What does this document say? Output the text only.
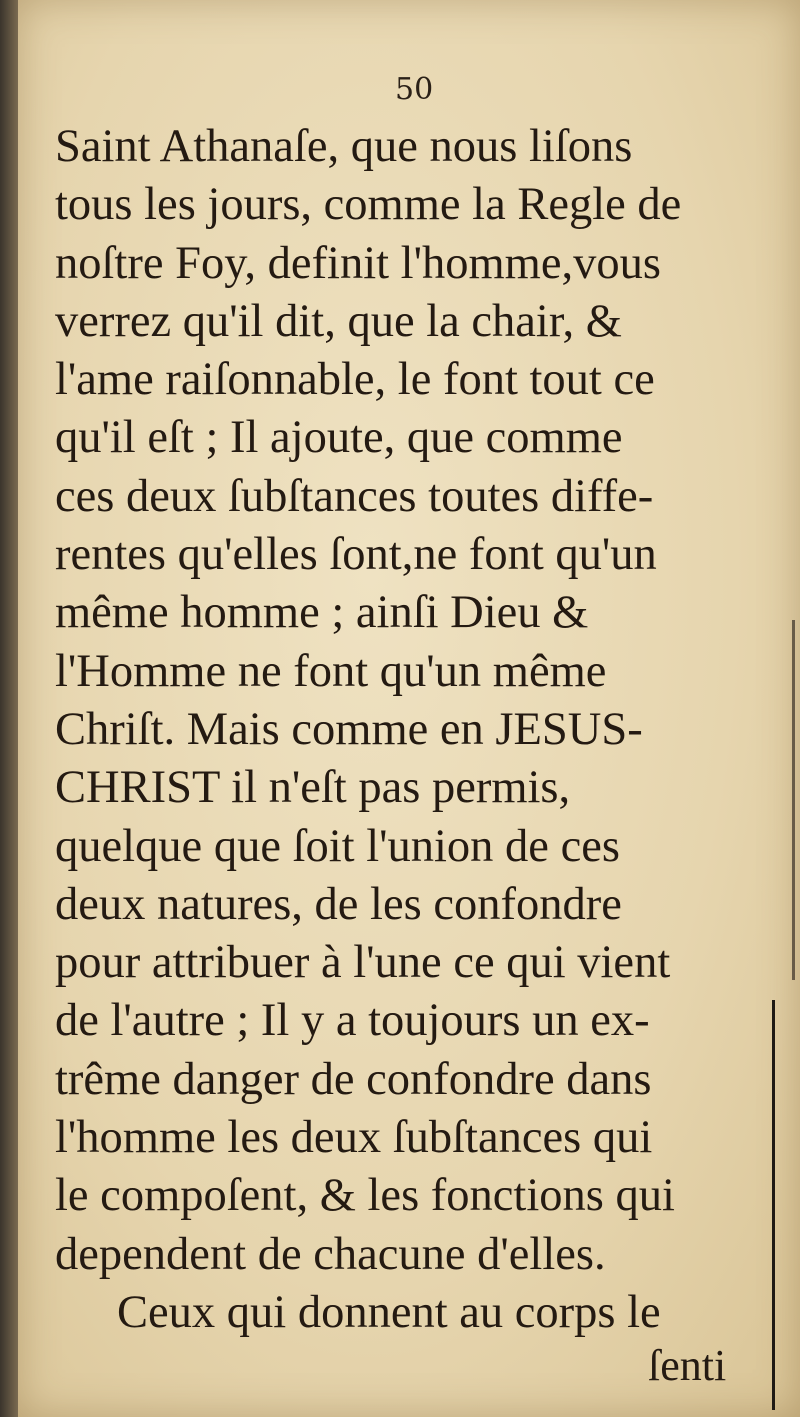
50
Saint Athanaſe, que nous liſons
tous les jours, comme la Regle de
noſtre Foy, definit l'homme,vous
verrez qu'il dit, que la chair, &
l'ame raiſonnable, le font tout ce
qu'il eſt ; Il ajoute, que comme
ces deux ſubſtances toutes diffe-
rentes qu'elles ſont,ne font qu'un
même homme ; ainſi Dieu &
l'Homme ne font qu'un même
Chriſt. Mais comme en JESUS-
CHRIST il n'eſt pas permis,
quelque que ſoit l'union de ces
deux natures, de les confondre
pour attribuer à l'une ce qui vient
de l'autre ; Il y a toujours un ex-
trême danger de confondre dans
l'homme les deux ſubſtances qui
le compoſent, & les fonctions qui
dependent de chacune d'elles.
Ceux qui donnent au corps le
ſenti
